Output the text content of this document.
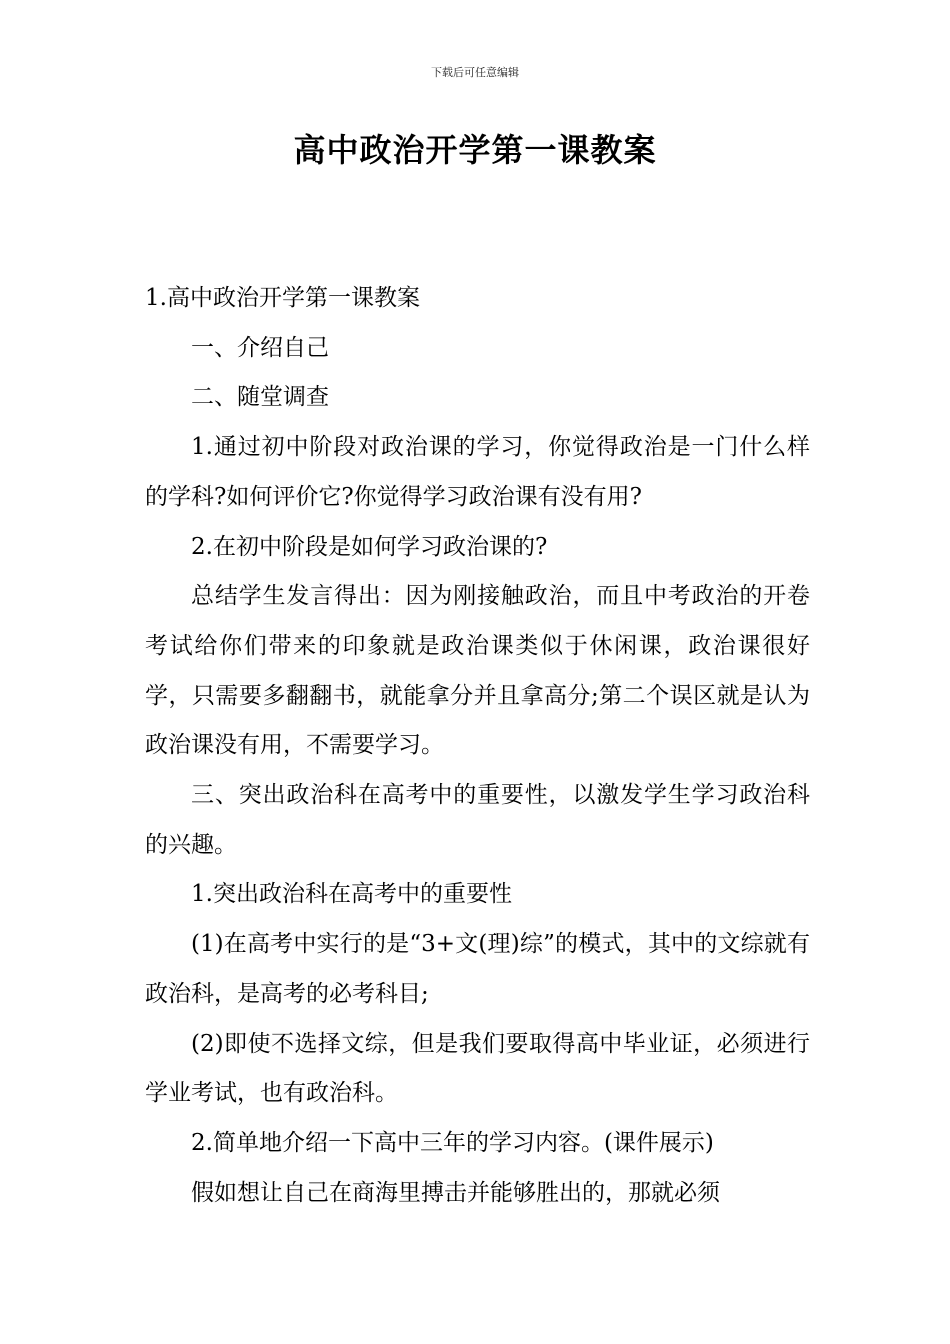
下载后可任意编辑
高中政治开学第一课教案

1.高中政治开学第一课教案

一、介绍自己

二、随堂调查

1.通过初中阶段对政治课的学习，你觉得政治是一门什么样的学科?如何评价它?你觉得学习政治课有没有用?

2.在初中阶段是如何学习政治课的?

总结学生发言得出：因为刚接触政治，而且中考政治的开卷考试给你们带来的印象就是政治课类似于休闲课，政治课很好学，只需要多翻翻书，就能拿分并且拿高分;第二个误区就是认为政治课没有用，不需要学习。

三、突出政治科在高考中的重要性，以激发学生学习政治科的兴趣。

1.突出政治科在高考中的重要性

(1)在高考中实行的是“3+文(理)综”的模式，其中的文综就有政治科，是高考的必考科目;

(2)即使不选择文综，但是我们要取得高中毕业证，必须进行学业考试，也有政治科。

2.简单地介绍一下高中三年的学习内容。(课件展示)

假如想让自己在商海里搏击并能够胜出的，那就必须
